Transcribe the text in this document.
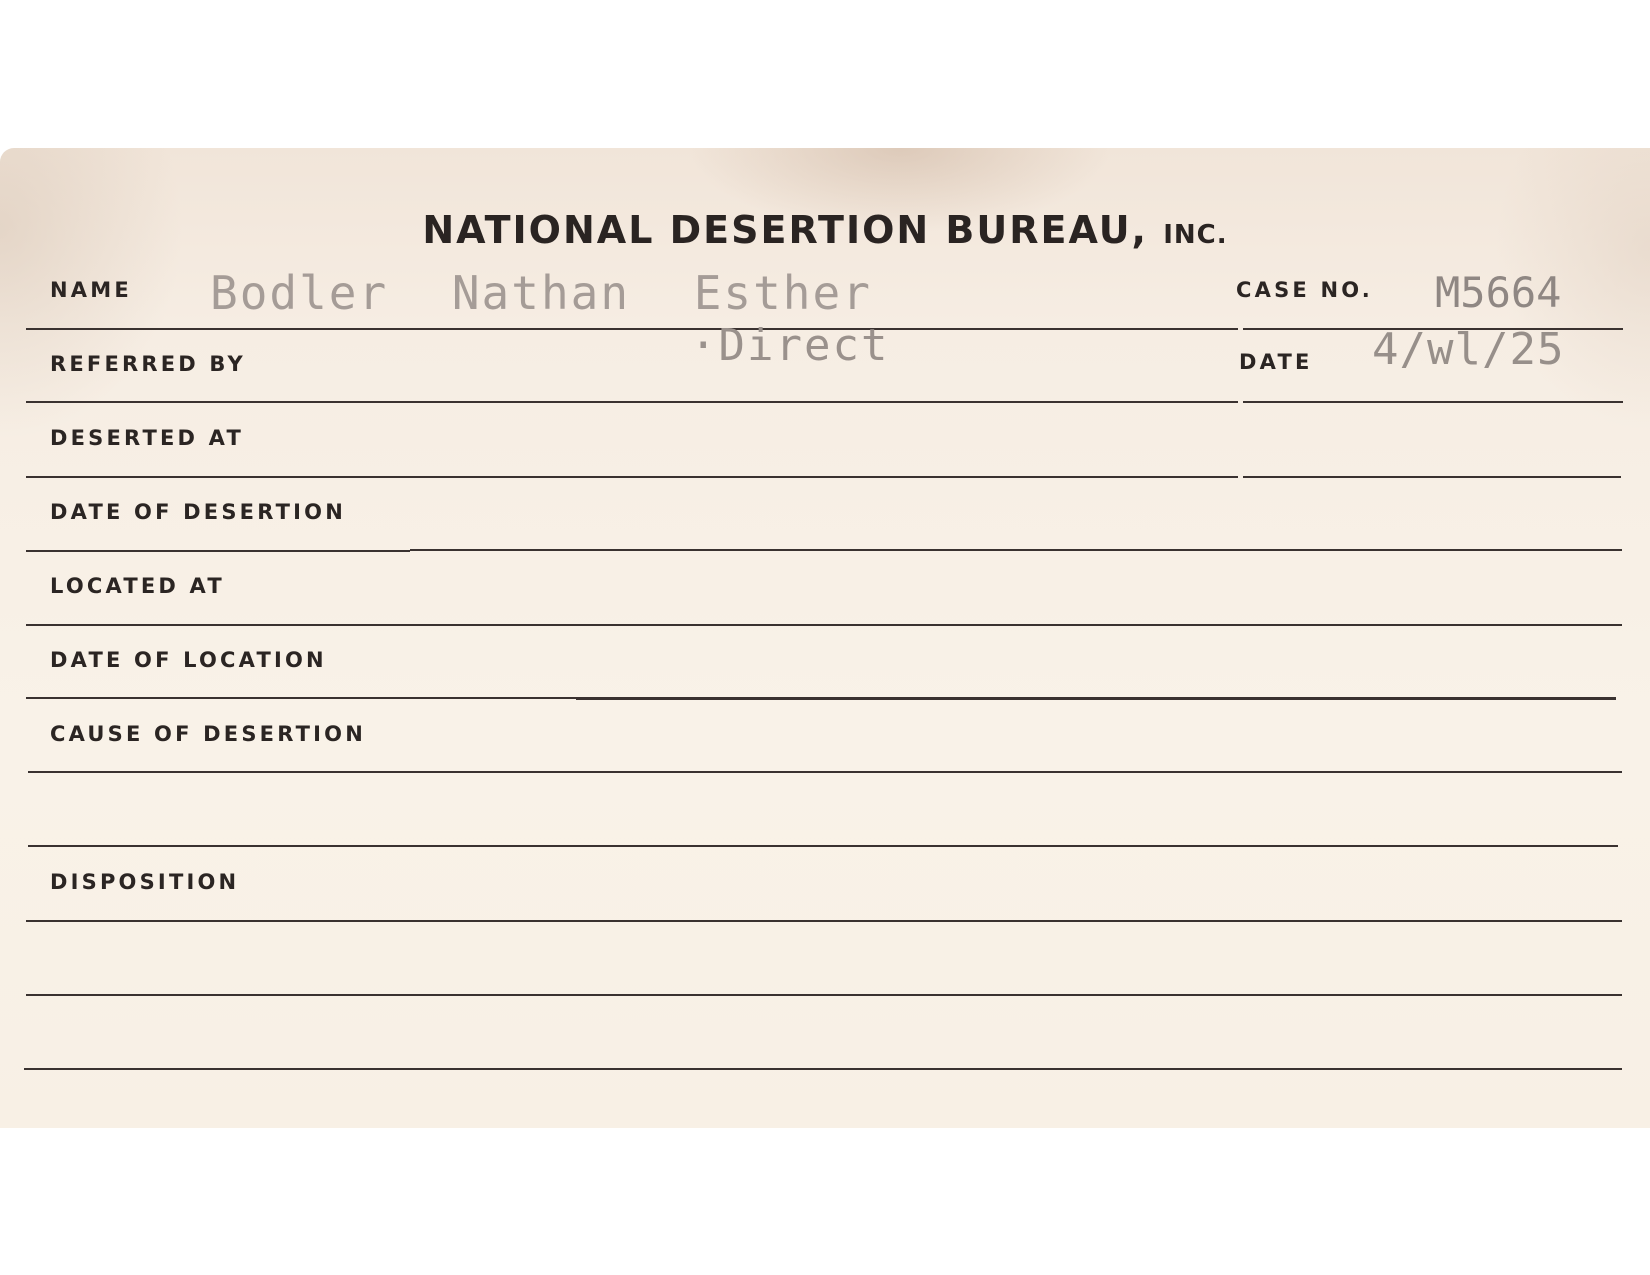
NATIONAL DESERTION BUREAU, INC.
NAME Bodler Nathan Esther	CASE NO. M5664
REFERRED BY	·Direct	DATE 4/wl/25
DESERTED AT
DATE OF DESERTION
LOCATED AT
DATE OF LOCATION
CAUSE OF DESERTION
DISPOSITION
